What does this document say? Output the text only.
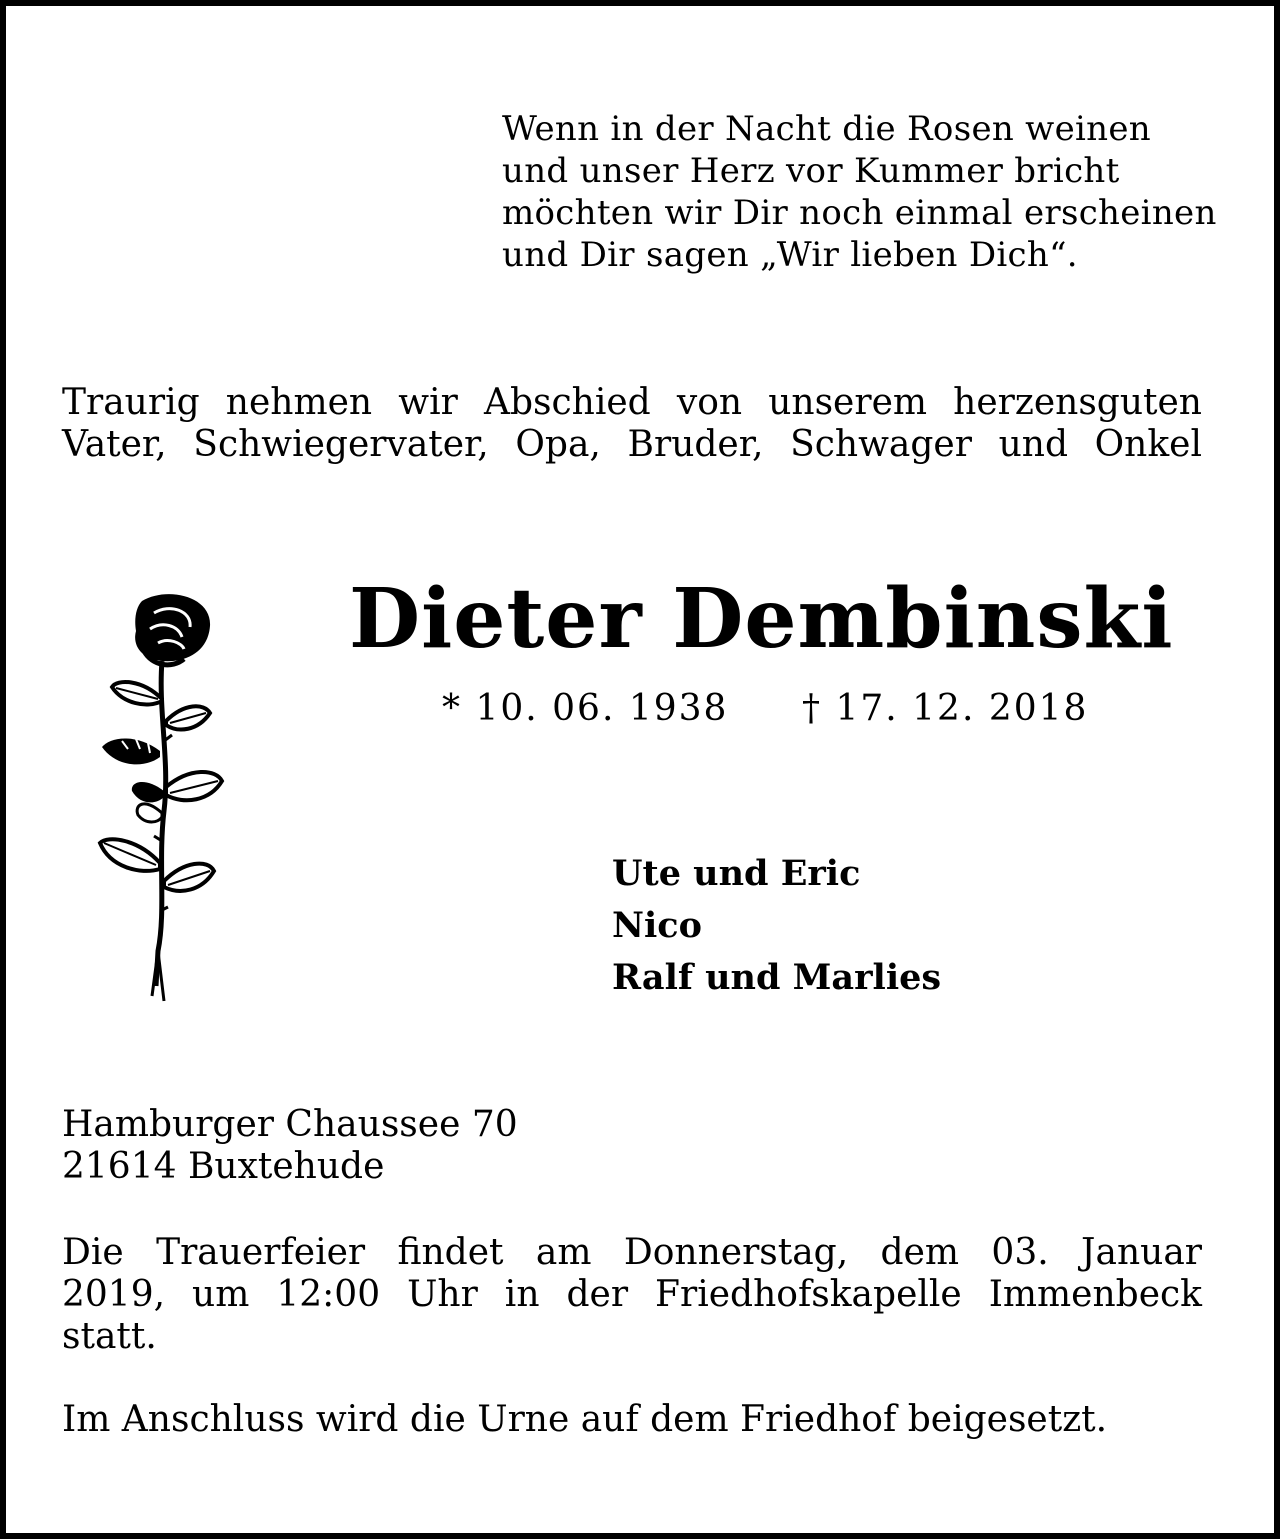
Wenn in der Nacht die Rosen weinen
und unser Herz vor Kummer bricht
möchten wir Dir noch einmal erscheinen
und Dir sagen „Wir lieben Dich“.
Traurig nehmen wir Abschied von unserem herzensguten
Vater, Schwiegervater, Opa, Bruder, Schwager und Onkel
Dieter Dembinski
* 10. 06. 1938 † 17. 12. 2018
Ute und Eric
Nico
Ralf und Marlies
Hamburger Chaussee 70
21614 Buxtehude
Die Trauerfeier findet am Donnerstag, dem 03. Januar
2019, um 12:00 Uhr in der Friedhofskapelle Immenbeck
statt.
Im Anschluss wird die Urne auf dem Friedhof beigesetzt.
